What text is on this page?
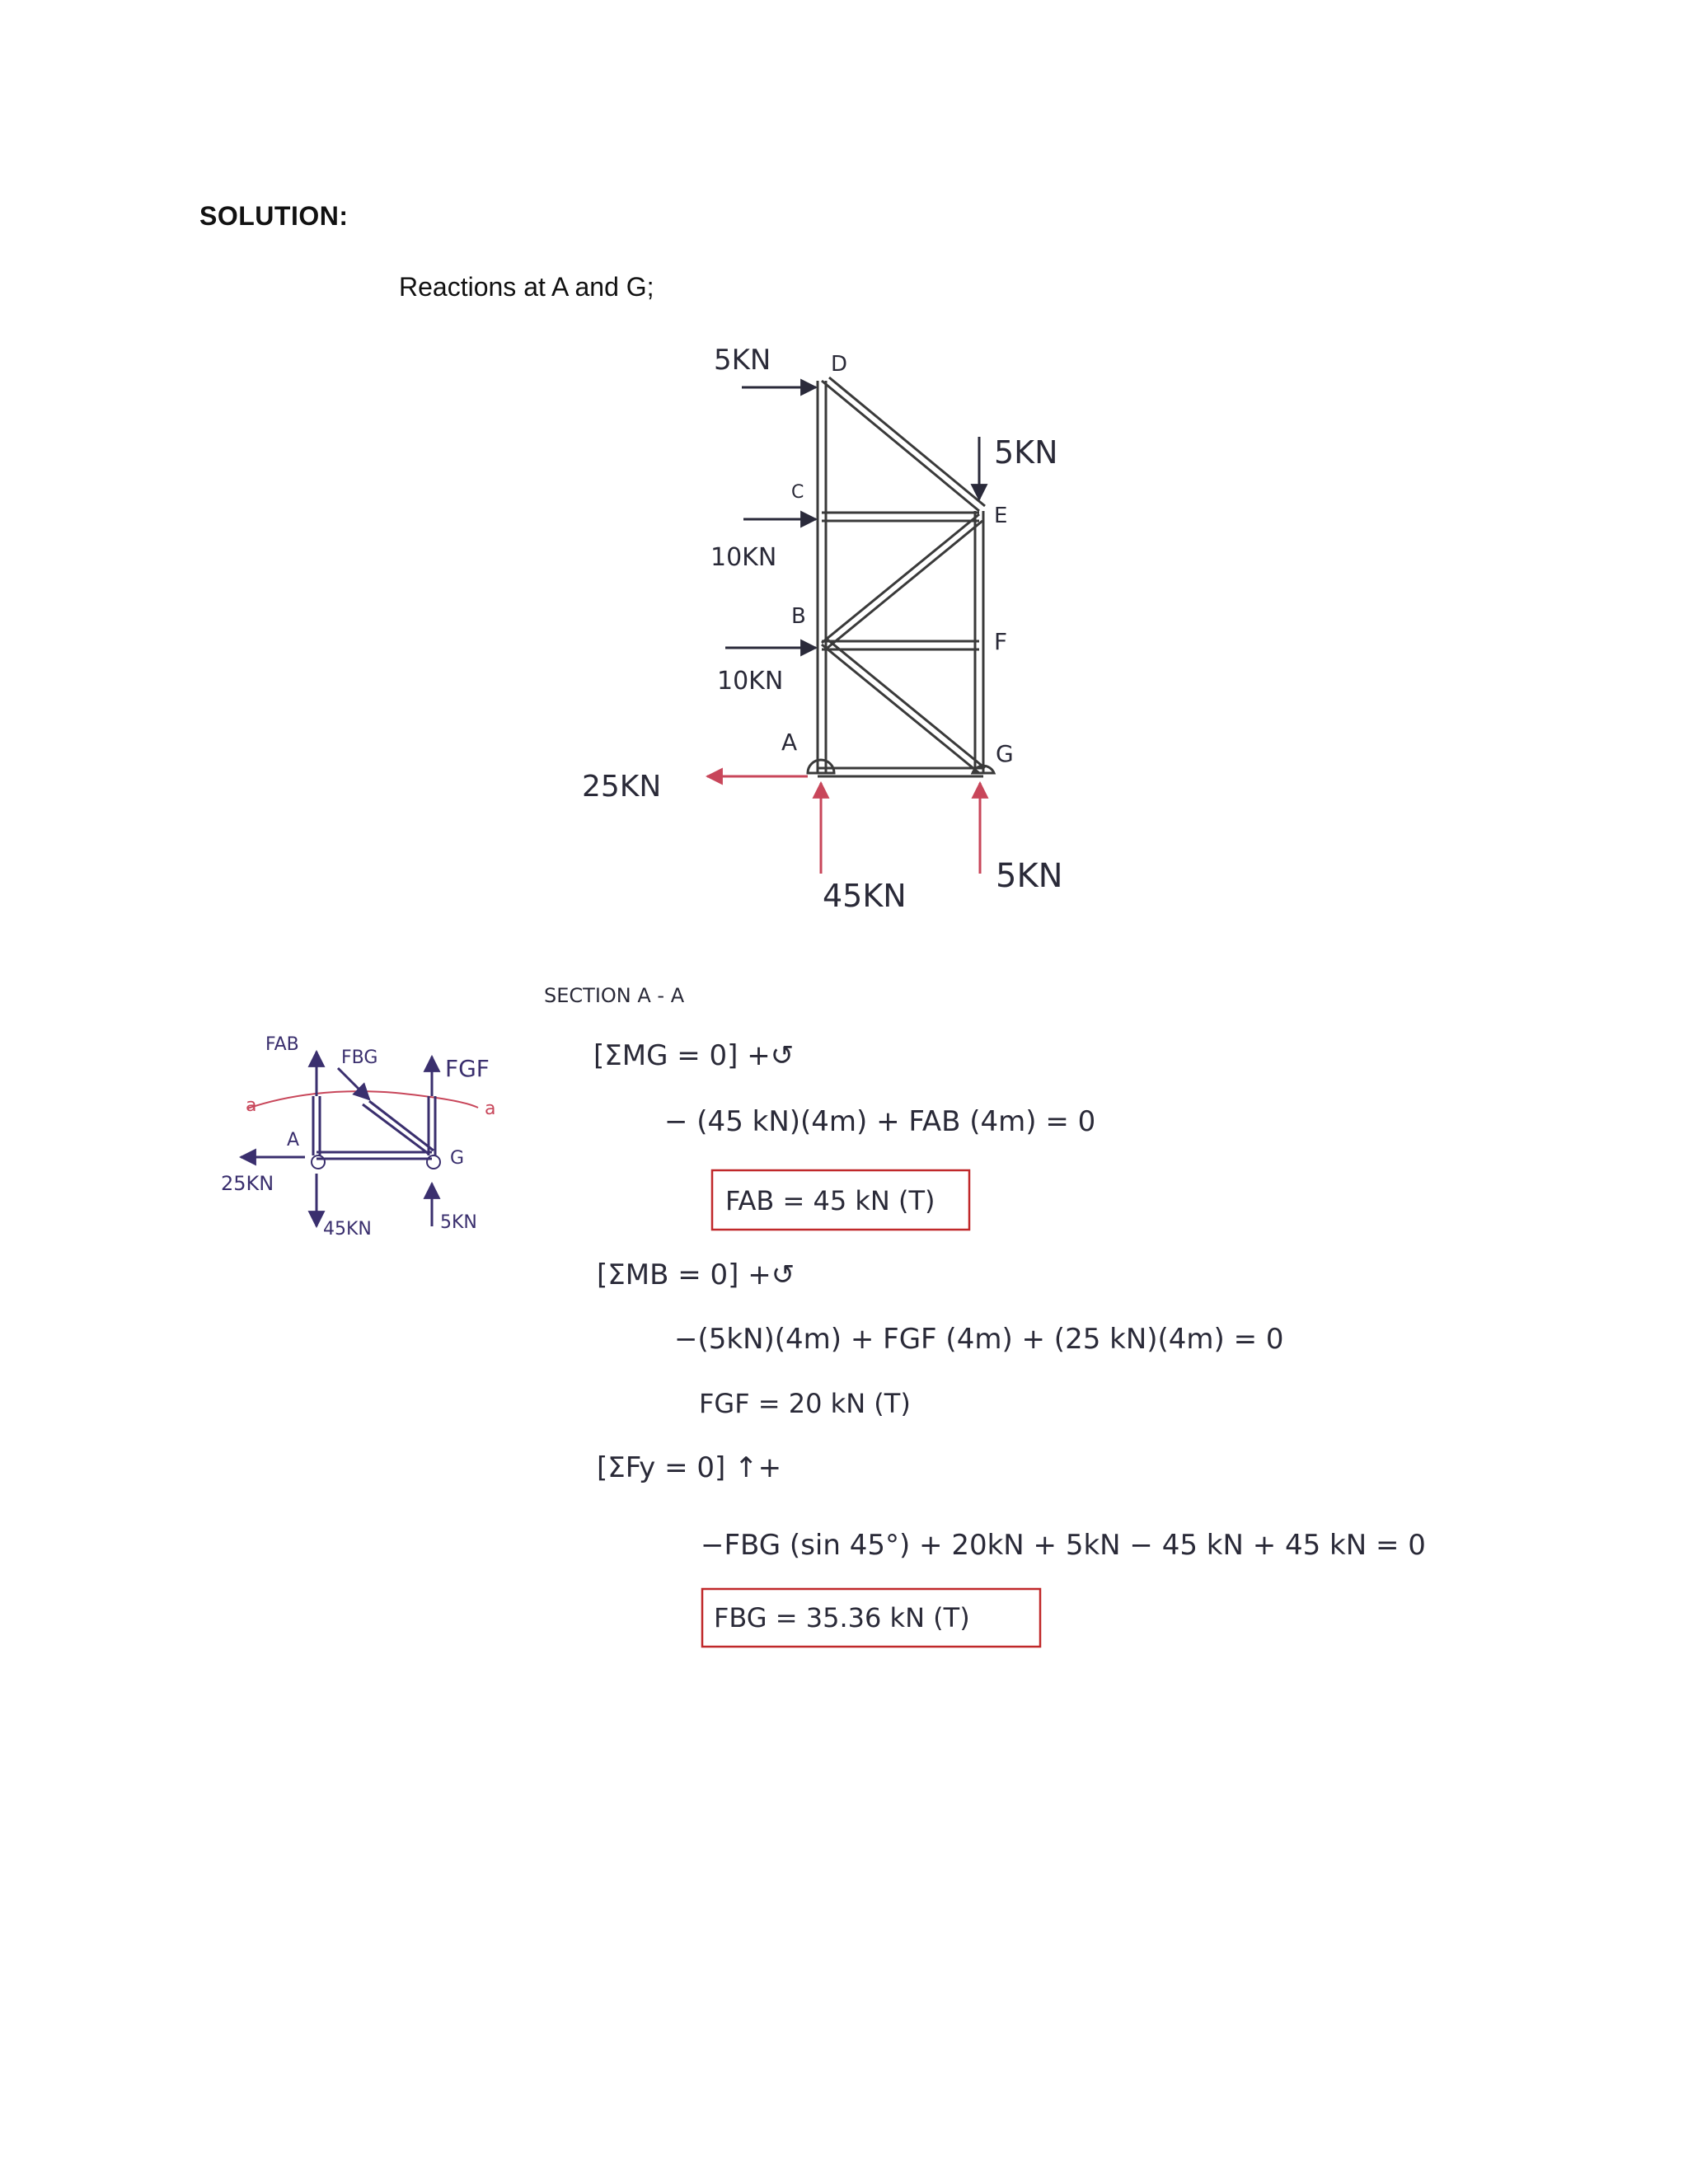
SOLUTION:
Reactions at A and G;
D
C
B
A
E
F
G
5KN
5KN
10KN
10KN
25KN
45KN
5KN
FAB
FBG	FGF
a	a
A
G
25KN
45KN	5KN
SECTION A - A
[ΣMG = 0] +↺
− (45 kN)(4m) + FAB (4m) = 0
FAB = 45 kN (T)
[ΣMB = 0] +↺
−(5kN)(4m) + FGF (4m) + (25 kN)(4m) = 0
FGF = 20 kN (T)
[ΣFy = 0] ↑+
−FBG (sin 45°) + 20kN + 5kN − 45 kN + 45 kN = 0
FBG = 35.36 kN (T)
